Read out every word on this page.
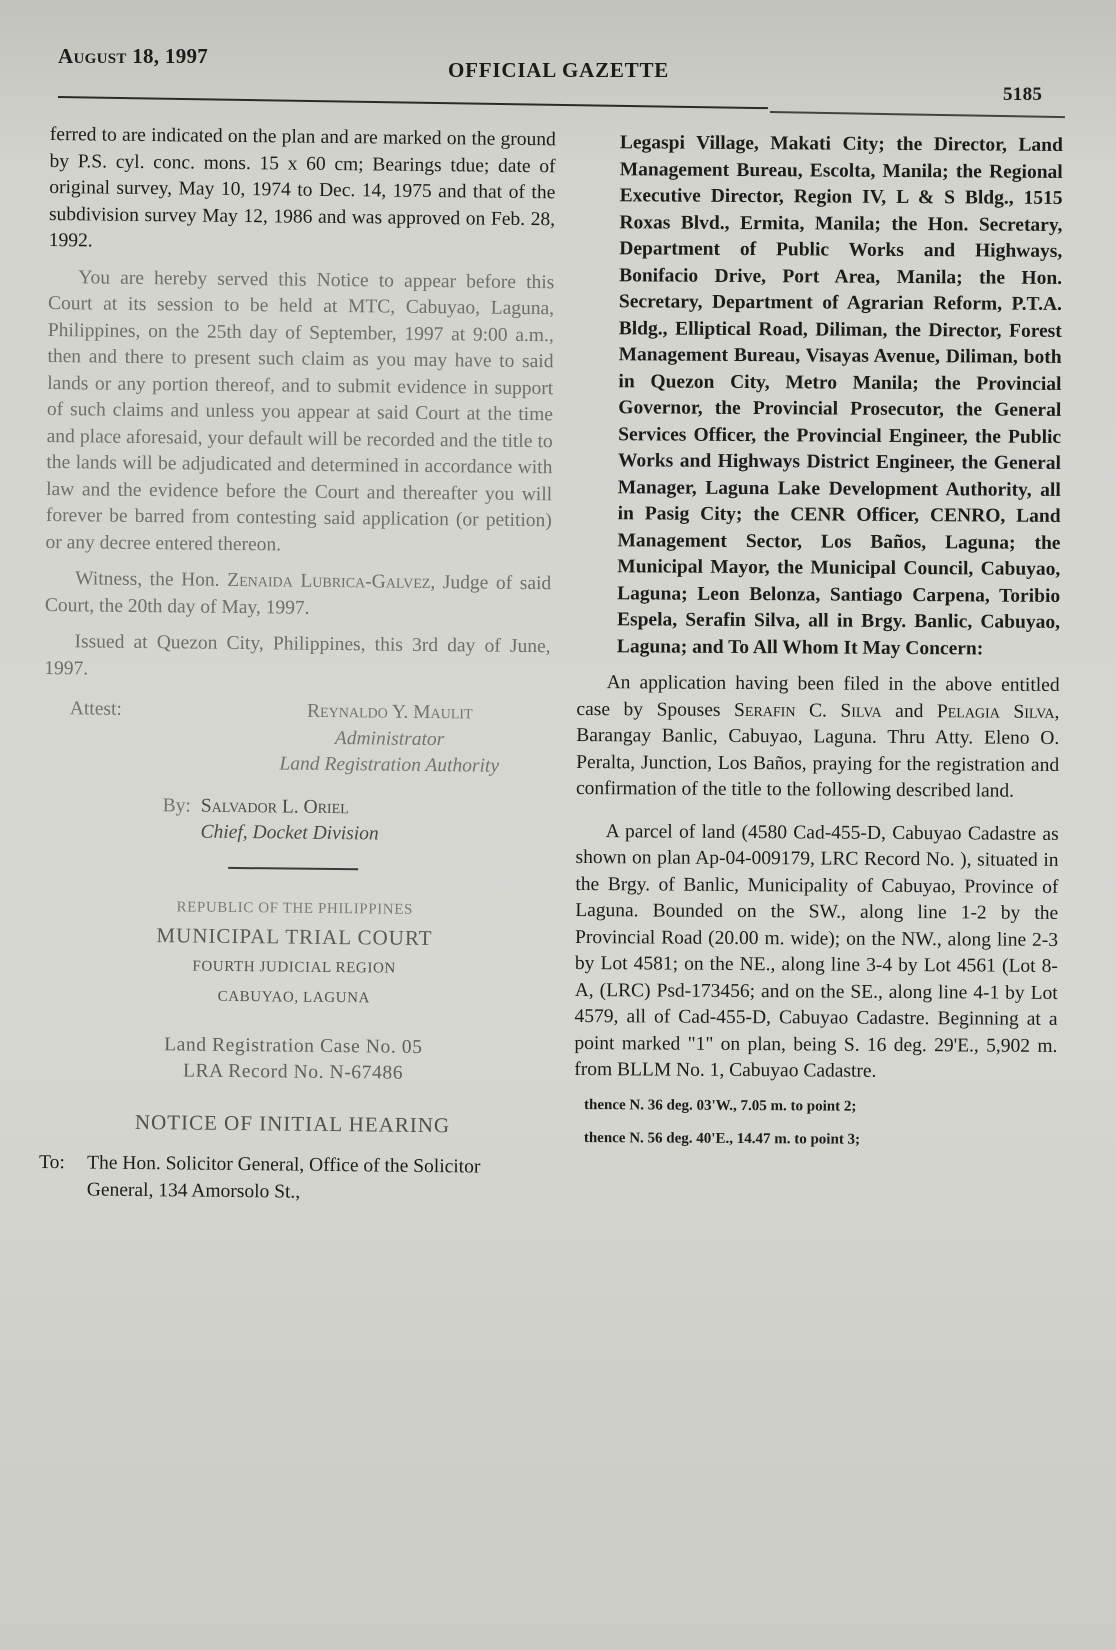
August 18, 1997
OFFICIAL GAZETTE
5185

ferred to are indicated on the plan and are marked on the ground by P.S. cyl. conc. mons. 15 x 60 cm; Bearings tdue; date of original survey, May 10, 1974 to Dec. 14, 1975 and that of the subdivision survey May 12, 1986 and was approved on Feb. 28, 1992.

You are hereby served this Notice to appear before this Court at its session to be held at MTC, Cabuyao, Laguna, Philippines, on the 25th day of September, 1997 at 9:00 a.m., then and there to present such claim as you may have to said lands or any portion thereof, and to submit evidence in support of such claims and unless you appear at said Court at the time and place aforesaid, your default will be recorded and the title to the lands will be adjudicated and determined in accordance with law and the evidence before the Court and thereafter you will forever be barred from contesting said application (or petition) or any decree entered thereon.

Witness, the Hon. Zenaida Lubrica-Galvez, Judge of said Court, the 20th day of May, 1997.

Issued at Quezon City, Philippines, this 3rd day of June, 1997.

Attest:	Reynaldo Y. Maulit
Administrator
Land Registration Authority
By: Salvador L. Oriel
Chief, Docket Division
REPUBLIC OF THE PHILIPPINES
MUNICIPAL TRIAL COURT
FOURTH JUDICIAL REGION
CABUYAO, LAGUNA
Land Registration Case No. 05
LRA Record No. N-67486
NOTICE OF INITIAL HEARING
To:	The Hon. Solicitor General, Office of the Solicitor General, 134 Amorsolo St.,

Legaspi Village, Makati City; the Director, Land Management Bureau, Escolta, Manila; the Regional Executive Director, Region IV, L & S Bldg., 1515 Roxas Blvd., Ermita, Manila; the Hon. Secretary, Department of Public Works and Highways, Bonifacio Drive, Port Area, Manila; the Hon. Secretary, Department of Agrarian Reform, P.T.A. Bldg., Elliptical Road, Diliman, the Director, Forest Management Bureau, Visayas Avenue, Diliman, both in Quezon City, Metro Manila; the Provincial Governor, the Provincial Prosecutor, the General Services Officer, the Provincial Engineer, the Public Works and Highways District Engineer, the General Manager, Laguna Lake Development Authority, all in Pasig City; the CENR Officer, CENRO, Land Management Sector, Los Baños, Laguna; the Municipal Mayor, the Municipal Council, Cabuyao, Laguna; Leon Belonza, Santiago Carpena, Toribio Espela, Serafin Silva, all in Brgy. Banlic, Cabuyao, Laguna; and To All Whom It May Concern:

An application having been filed in the above entitled case by Spouses Serafin C. Silva and Pelagia Silva, Barangay Banlic, Cabuyao, Laguna. Thru Atty. Eleno O. Peralta, Junction, Los Baños, praying for the registration and confirmation of the title to the following described land.

A parcel of land (4580 Cad-455-D, Cabuyao Cadastre as shown on plan Ap-04-009179, LRC Record No. ), situated in the Brgy. of Banlic, Municipality of Cabuyao, Province of Laguna. Bounded on the SW., along line 1-2 by the Provincial Road (20.00 m. wide); on the NW., along line 2-3 by Lot 4581; on the NE., along line 3-4 by Lot 4561 (Lot 8-A, (LRC) Psd-173456; and on the SE., along line 4-1 by Lot 4579, all of Cad-455-D, Cabuyao Cadastre. Beginning at a point marked "1" on plan, being S. 16 deg. 29'E., 5,902 m. from BLLM No. 1, Cabuyao Cadastre.

thence N. 36 deg. 03'W., 7.05 m. to point 2;

thence N. 56 deg. 40'E., 14.47 m. to point 3;
